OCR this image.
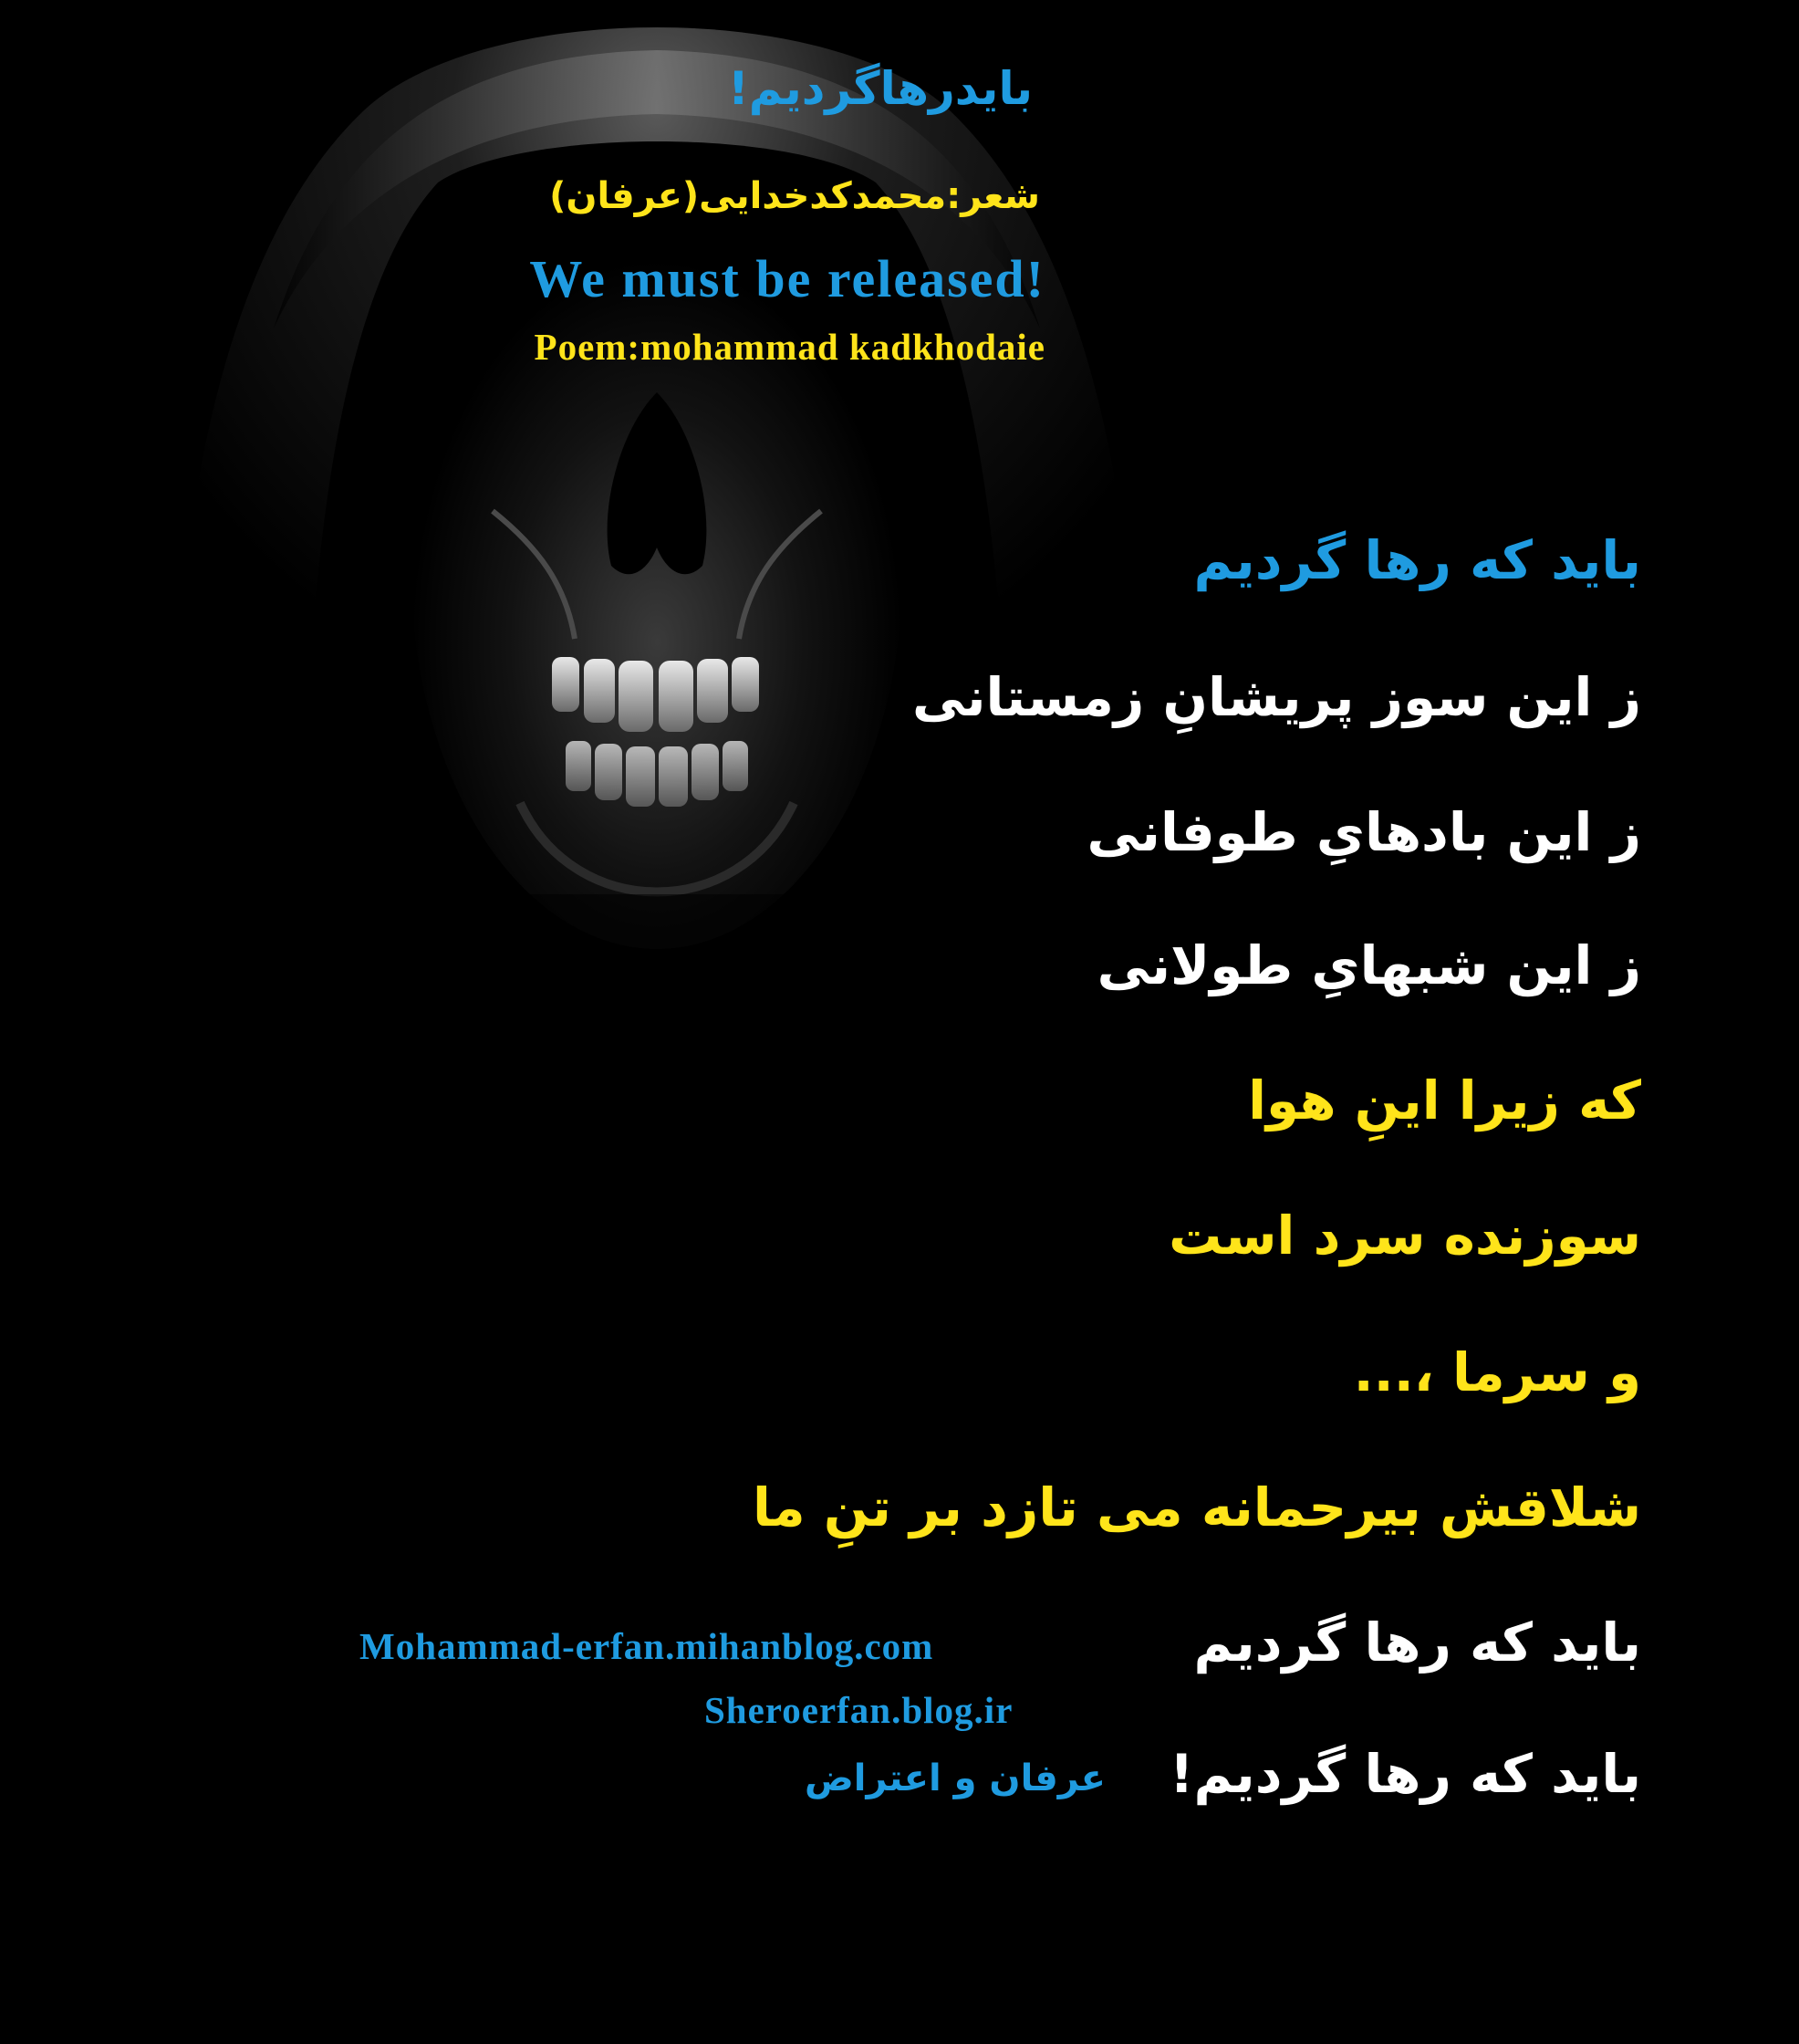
بایدرهاگردیم!
شعر:محمدکدخدایی(عرفان)
We must be released!
Poem:mohammad kadkhodaie
باید که رها گردیم
ز این سوز پریشانِ زمستانی
ز این بادهایِ طوفانی
ز این شبهایِ طولانی
که زیرا اینِ هوا
سوزنده سرد است
و سرما ،...
شلاقش بیرحمانه می تازد بر تنِ ما
باید که رها گردیم
باید که رها گردیم!
Mohammad-erfan.mihanblog.com
Sheroerfan.blog.ir
عرفان و اعتراض
